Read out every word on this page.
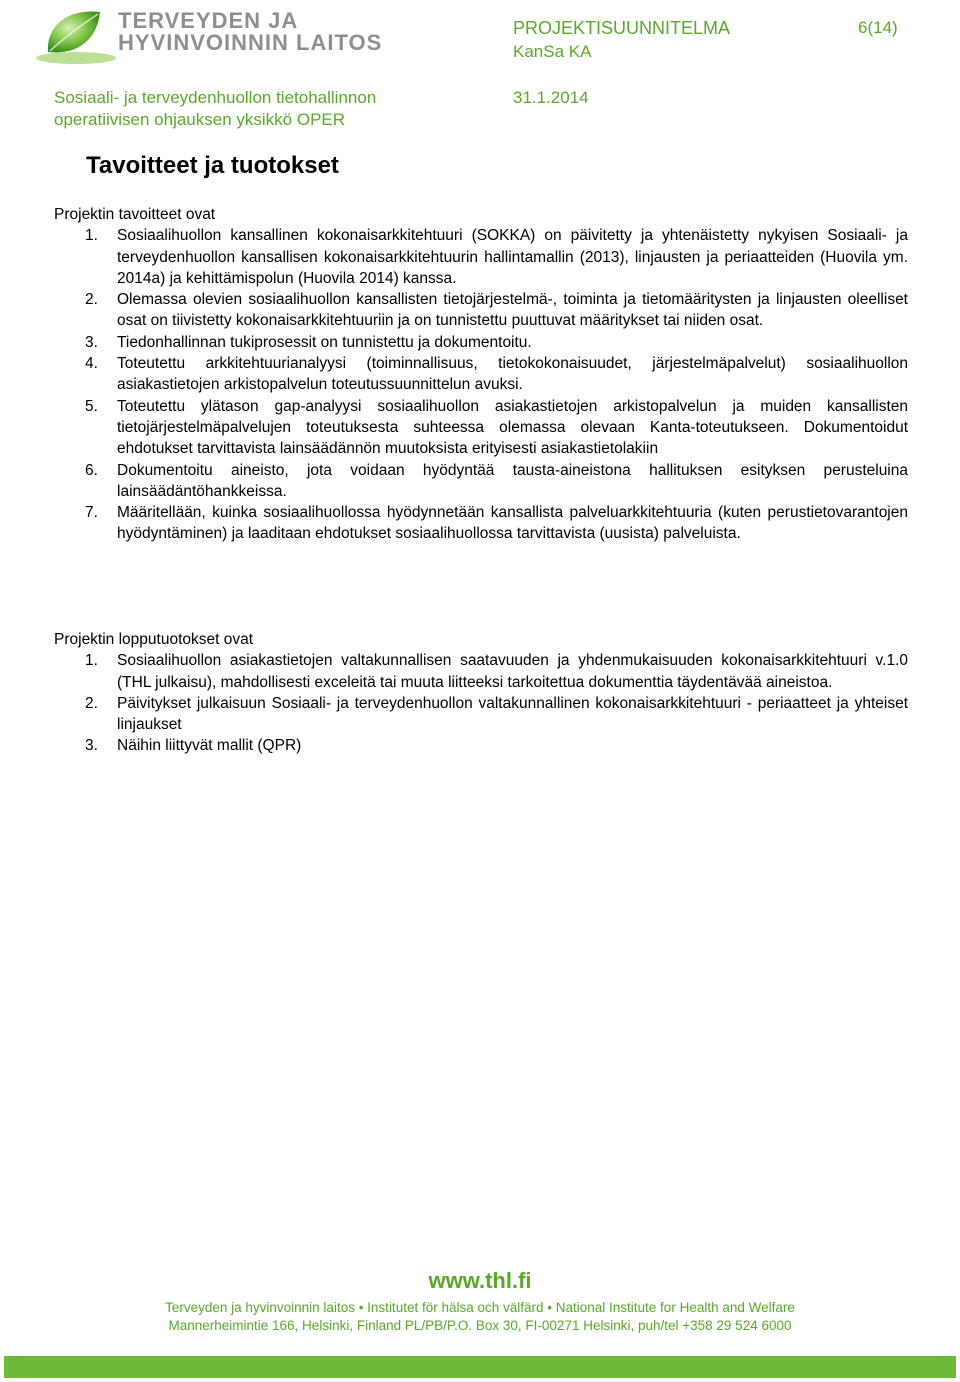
TERVEYDEN JA
HYVINVOINNIN LAITOS
Sosiaali- ja terveydenhuollon tietohallinnon
operatiivisen ohjauksen yksikkö OPER
PROJEKTISUUNNITELMA
KanSa KA
31.1.2014
6(14)
Tavoitteet ja tuotokset

Projektin tavoitteet ovat

1.	Sosiaalihuollon kansallinen kokonaisarkkitehtuuri (SOKKA) on päivitetty ja yhtenäistetty nykyisen Sosiaali- ja terveydenhuollon kansallisen kokonaisarkkitehtuurin hallintamallin (2013), linjausten ja periaatteiden (Huovila ym. 2014a) ja kehittämispolun (Huovila 2014) kanssa.
2.	Olemassa olevien sosiaalihuollon kansallisten tietojärjestelmä-, toiminta ja tietomääritysten ja linjausten oleelliset osat on tiivistetty kokonaisarkkitehtuuriin ja on tunnistettu puuttuvat määritykset tai niiden osat.
3.	Tiedonhallinnan tukiprosessit on tunnistettu ja dokumentoitu.
4.	Toteutettu arkkitehtuurianalyysi (toiminnallisuus, tietokokonaisuudet, järjestelmäpalvelut) sosiaalihuollon asiakastietojen arkistopalvelun toteutussuunnittelun avuksi.
5.	Toteutettu ylätason gap-analyysi sosiaalihuollon asiakastietojen arkistopalvelun ja muiden kansallisten tietojärjestelmäpalvelujen toteutuksesta suhteessa olemassa olevaan Kanta-toteutukseen. Dokumentoidut ehdotukset tarvittavista lainsäädännön muutoksista erityisesti asiakastietolakiin
6.	Dokumentoitu aineisto, jota voidaan hyödyntää tausta-aineistona hallituksen esityksen perusteluina lainsäädäntöhankkeissa.
7.	Määritellään, kuinka sosiaalihuollossa hyödynnetään kansallista palveluarkkitehtuuria (kuten perustietovarantojen hyödyntäminen) ja laaditaan ehdotukset sosiaalihuollossa tarvittavista (uusista) palveluista.

Projektin lopputuotokset ovat

1.	Sosiaalihuollon asiakastietojen valtakunnallisen saatavuuden ja yhdenmukaisuuden kokonaisarkkitehtuuri v.1.0 (THL julkaisu), mahdollisesti exceleitä tai muuta liitteeksi tarkoitettua dokumenttia täydentävää aineistoa.
2.	Päivitykset julkaisuun Sosiaali- ja terveydenhuollon valtakunnallinen kokonaisarkkitehtuuri - periaatteet ja yhteiset linjaukset
3.	Näihin liittyvät mallit (QPR)
www.thl.fi
Terveyden ja hyvinvoinnin laitos • Institutet för hälsa och välfärd • National Institute for Health and Welfare
Mannerheimintie 166, Helsinki, Finland PL/PB/P.O. Box 30, FI-00271 Helsinki, puh/tel +358 29 524 6000
